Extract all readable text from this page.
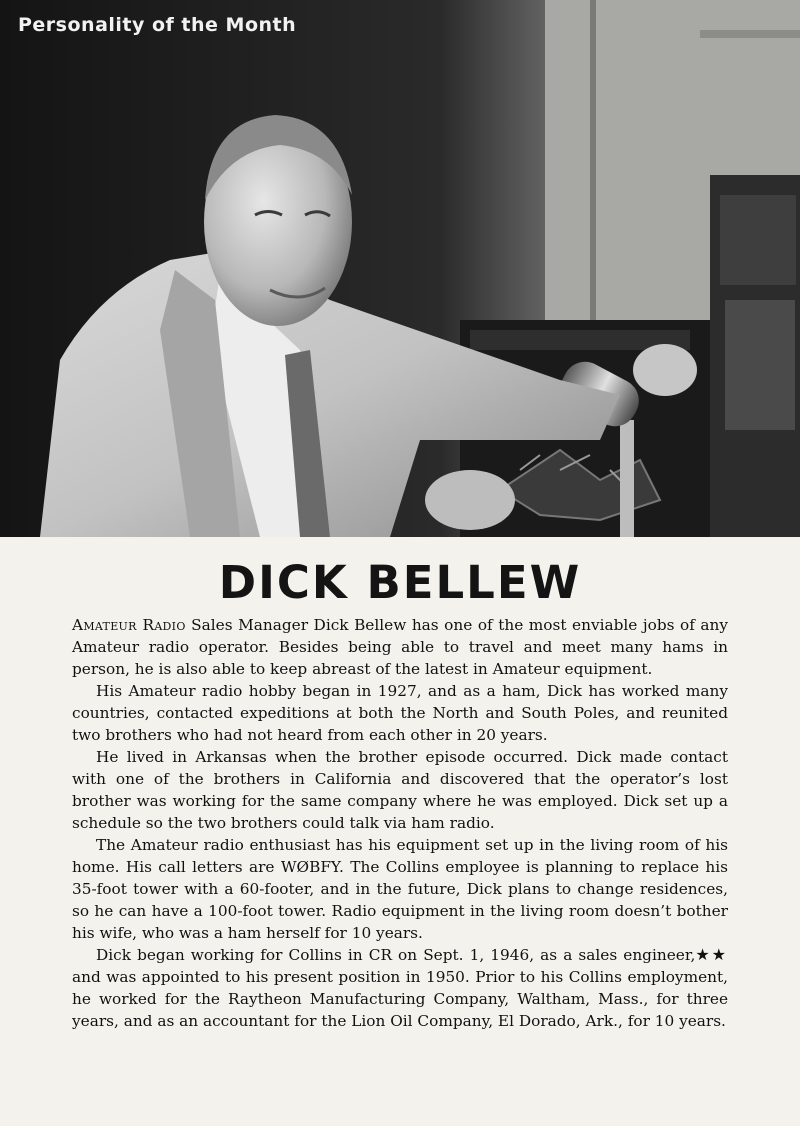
Personality of the Month
DICK BELLEW

Amateur Radio Sales Manager Dick Bellew has one of the most enviable jobs of any Amateur radio operator. Besides being able to travel and meet many hams in person, he is also able to keep abreast of the latest in Amateur equipment.

His Amateur radio hobby began in 1927, and as a ham, Dick has worked many countries, contacted expeditions at both the North and South Poles, and reunited two brothers who had not heard from each other in 20 years.

He lived in Arkansas when the brother episode occurred. Dick made contact with one of the brothers in California and discovered that the operator’s lost brother was working for the same company where he was employed. Dick set up a schedule so the two brothers could talk via ham radio.

The Amateur radio enthusiast has his equipment set up in the living room of his home. His call letters are WØBFY. The Collins employee is planning to replace his 35-foot tower with a 60-footer, and in the future, Dick plans to change residences, so he can have a 100-foot tower. Radio equipment in the living room doesn’t bother his wife, who was a ham herself for 10 years.

★★
Dick began working for Collins in CR on Sept. 1, 1946, as a sales engineer, and was appointed to his present position in 1950. Prior to his Collins employment, he worked for the Raytheon Manufacturing Company, Waltham, Mass., for three years, and as an accountant for the Lion Oil Company, El Dorado, Ark., for 10 years.
